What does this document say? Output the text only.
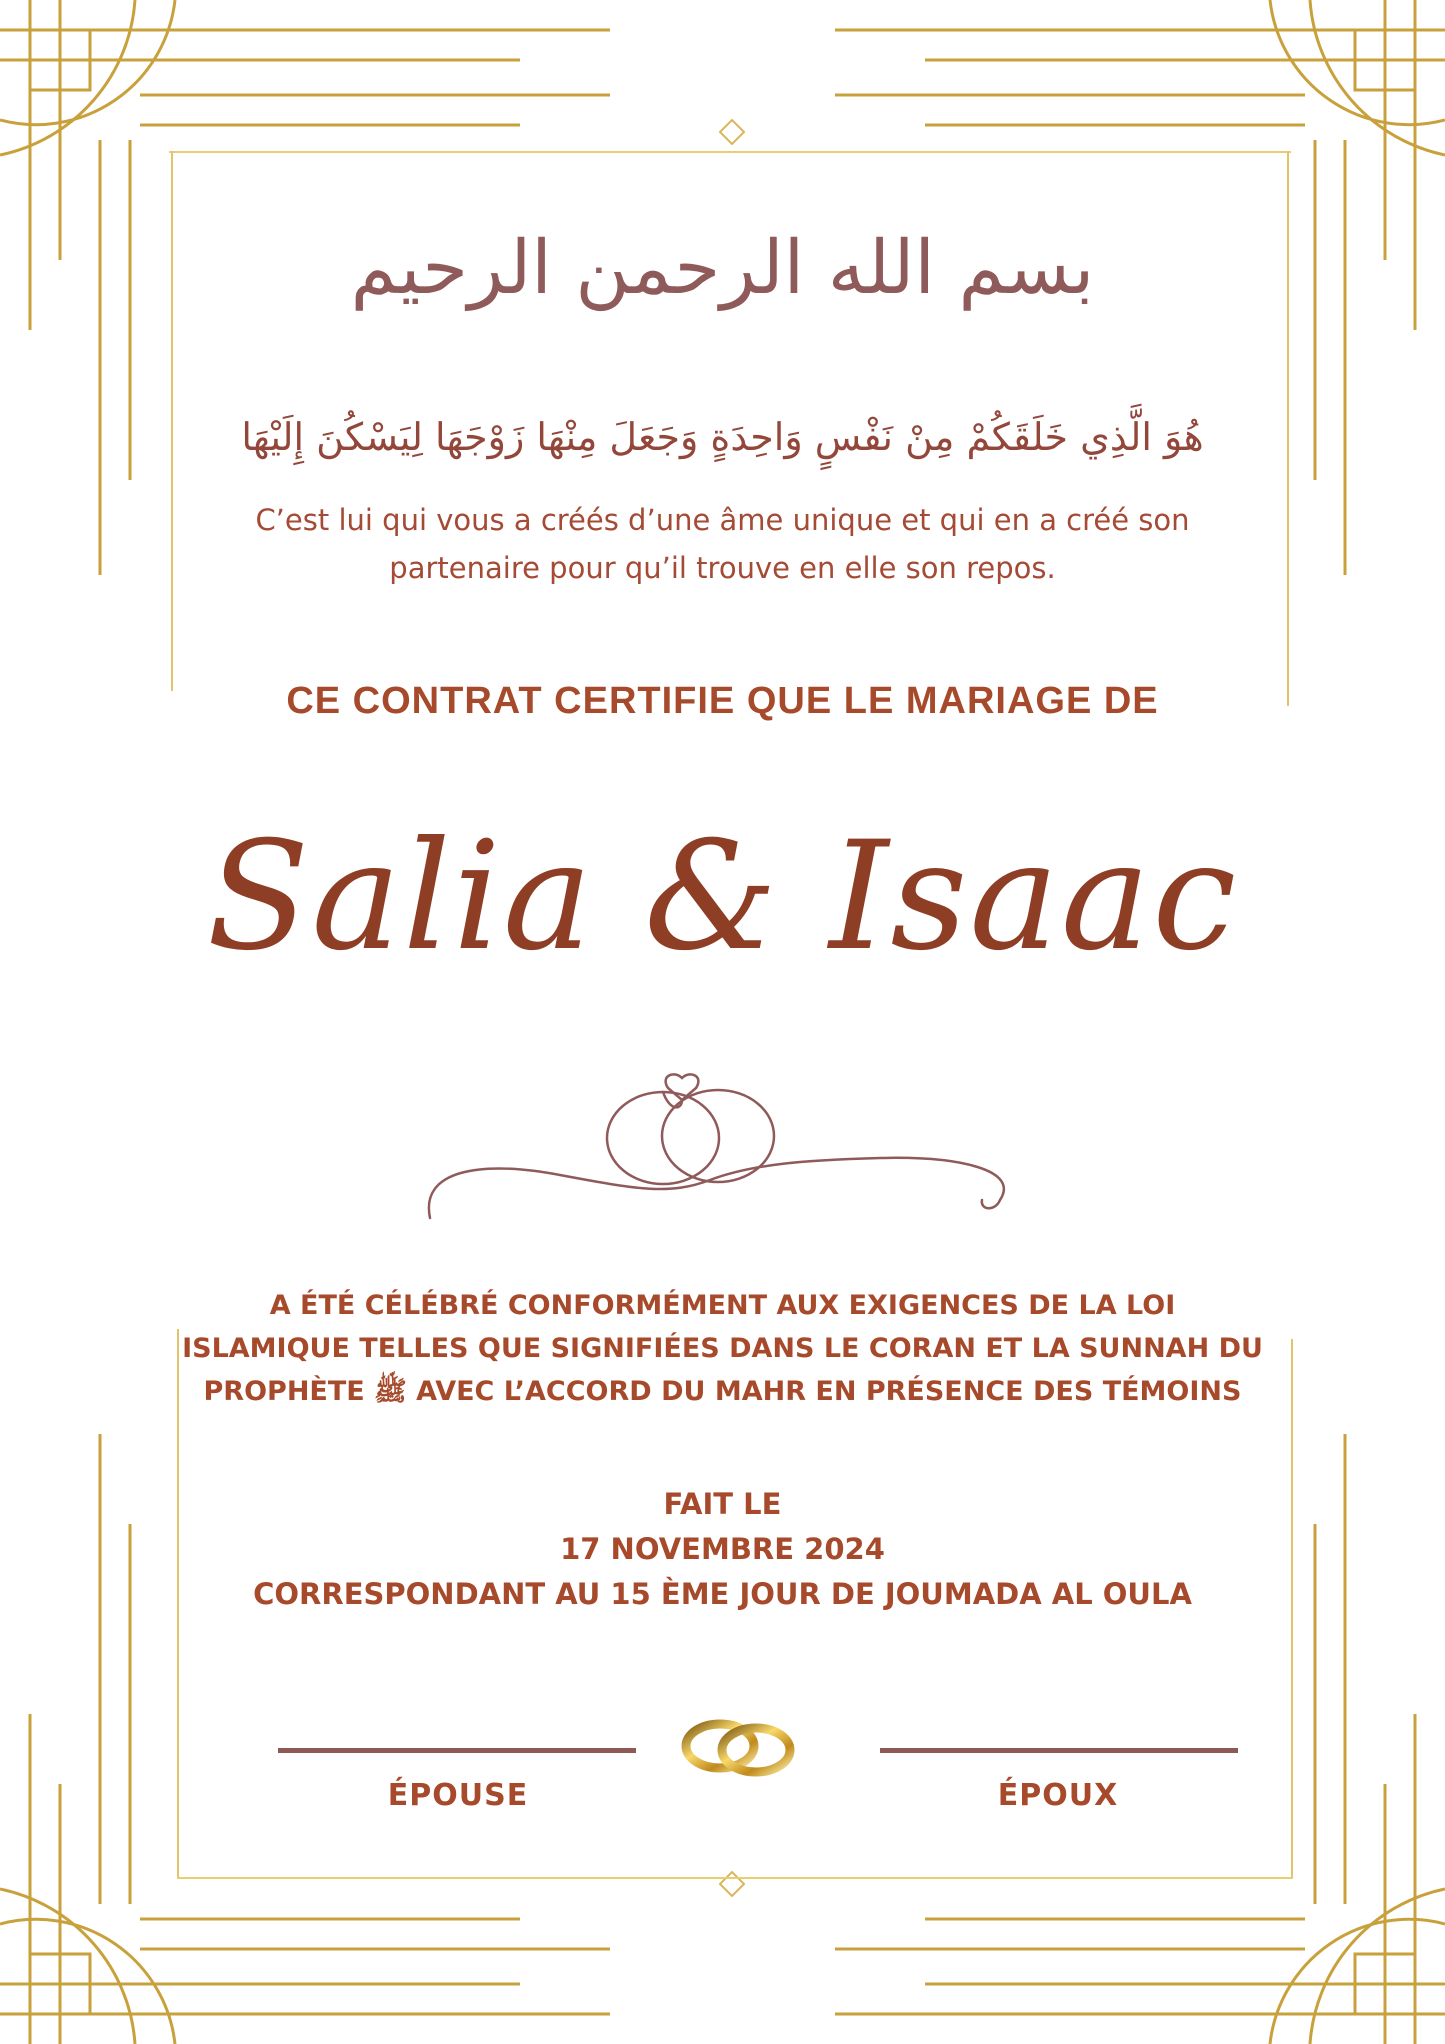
بسم الله الرحمن الرحيم
هُوَ الَّذِي خَلَقَكُمْ مِنْ نَفْسٍ وَاحِدَةٍ وَجَعَلَ مِنْهَا زَوْجَهَا لِيَسْكُنَ إِلَيْهَا
C’est lui qui vous a créés d’une âme unique et qui en a créé son
partenaire pour qu’il trouve en elle son repos.
CE CONTRAT CERTIFIE QUE LE MARIAGE DE
Salia & Isaac
A ÉTÉ CÉLÉBRÉ CONFORMÉMENT AUX EXIGENCES DE LA LOI
ISLAMIQUE TELLES QUE SIGNIFIÉES DANS LE CORAN ET LA SUNNAH DU
PROPHÈTE ﷺ AVEC L’ACCORD DU MAHR EN PRÉSENCE DES TÉMOINS
FAIT LE
17 NOVEMBRE 2024
CORRESPONDANT AU 15 ÈME JOUR DE JOUMADA AL OULA
ÉPOUSE	ÉPOUX
